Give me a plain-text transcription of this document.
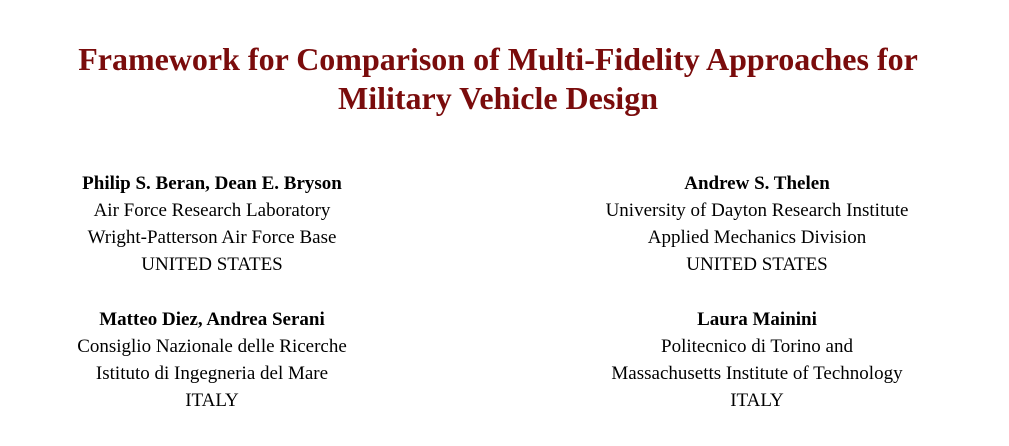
Framework for Comparison of Multi-Fidelity Approaches for
Military Vehicle Design
Philip S. Beran, Dean E. Bryson
Air Force Research Laboratory
Wright-Patterson Air Force Base
UNITED STATES
Andrew S. Thelen
University of Dayton Research Institute
Applied Mechanics Division
UNITED STATES
Matteo Diez, Andrea Serani
Consiglio Nazionale delle Ricerche
Istituto di Ingegneria del Mare
ITALY
Laura Mainini
Politecnico di Torino and
Massachusetts Institute of Technology
ITALY
